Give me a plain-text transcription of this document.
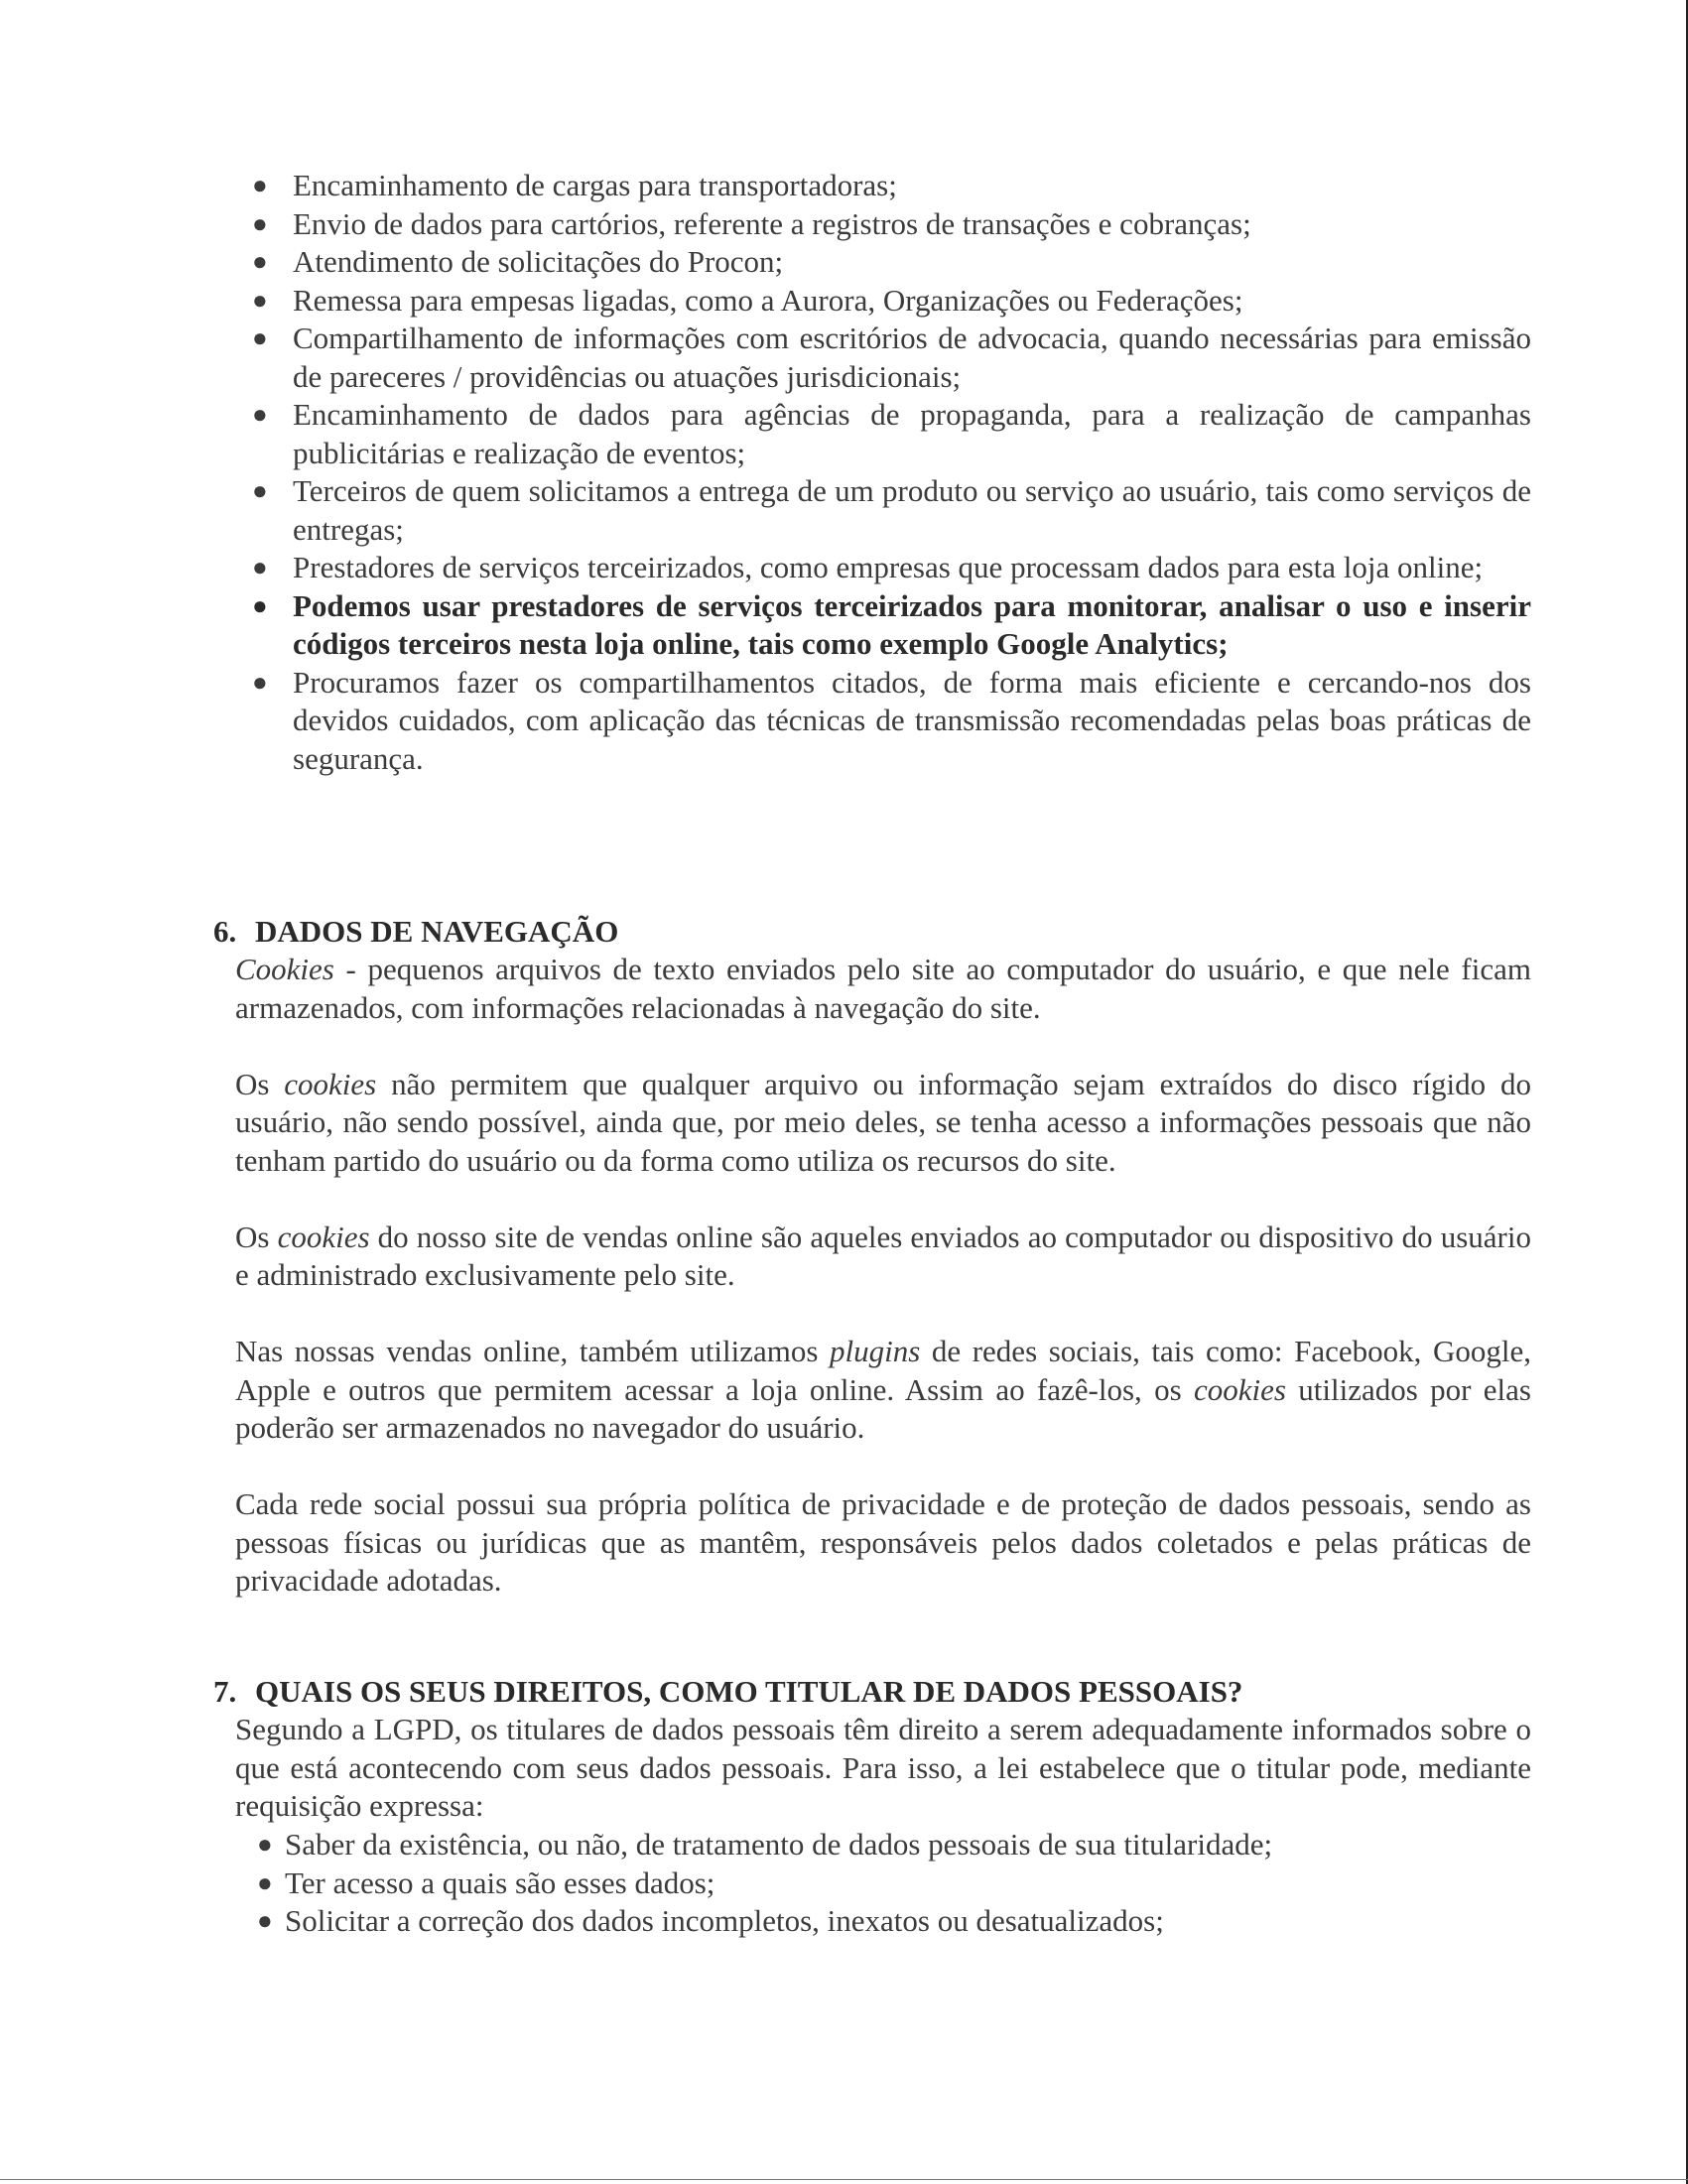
● Encaminhamento de cargas para transportadoras;
● Envio de dados para cartórios, referente a registros de transações e cobranças;
● Atendimento de solicitações do Procon;
● Remessa para empesas ligadas, como a Aurora, Organizações ou Federações;
● Compartilhamento de informações com escritórios de advocacia, quando necessárias para emissão de pareceres / providências ou atuações jurisdicionais;
● Encaminhamento de dados para agências de propaganda, para a realização de campanhas publicitárias e realização de eventos;
● Terceiros de quem solicitamos a entrega de um produto ou serviço ao usuário, tais como serviços de entregas;
● Prestadores de serviços terceirizados, como empresas que processam dados para esta loja online;
● Podemos usar prestadores de serviços terceirizados para monitorar, analisar o uso e inserir códigos terceiros nesta loja online, tais como exemplo Google Analytics;
● Procuramos fazer os compartilhamentos citados, de forma mais eficiente e cercando-nos dos devidos cuidados, com aplicação das técnicas de transmissão recomendadas pelas boas práticas de segurança.
6. DADOS DE NAVEGAÇÃO

Cookies - pequenos arquivos de texto enviados pelo site ao computador do usuário, e que nele ficam armazenados, com informações relacionadas à navegação do site.

Os cookies não permitem que qualquer arquivo ou informação sejam extraídos do disco rígido do usuário, não sendo possível, ainda que, por meio deles, se tenha acesso a informações pessoais que não tenham partido do usuário ou da forma como utiliza os recursos do site.

Os cookies do nosso site de vendas online são aqueles enviados ao computador ou dispositivo do usuário e administrado exclusivamente pelo site.

Nas nossas vendas online, também utilizamos plugins de redes sociais, tais como: Facebook, Google, Apple e outros que permitem acessar a loja online. Assim ao fazê-los, os cookies utilizados por elas poderão ser armazenados no navegador do usuário.

Cada rede social possui sua própria política de privacidade e de proteção de dados pessoais, sendo as pessoas físicas ou jurídicas que as mantêm, responsáveis pelos dados coletados e pelas práticas de privacidade adotadas.

7. QUAIS OS SEUS DIREITOS, COMO TITULAR DE DADOS PESSOAIS?

Segundo a LGPD, os titulares de dados pessoais têm direito a serem adequadamente informados sobre o que está acontecendo com seus dados pessoais. Para isso, a lei estabelece que o titular pode, mediante requisição expressa:

● Saber da existência, ou não, de tratamento de dados pessoais de sua titularidade;
● Ter acesso a quais são esses dados;
● Solicitar a correção dos dados incompletos, inexatos ou desatualizados;
